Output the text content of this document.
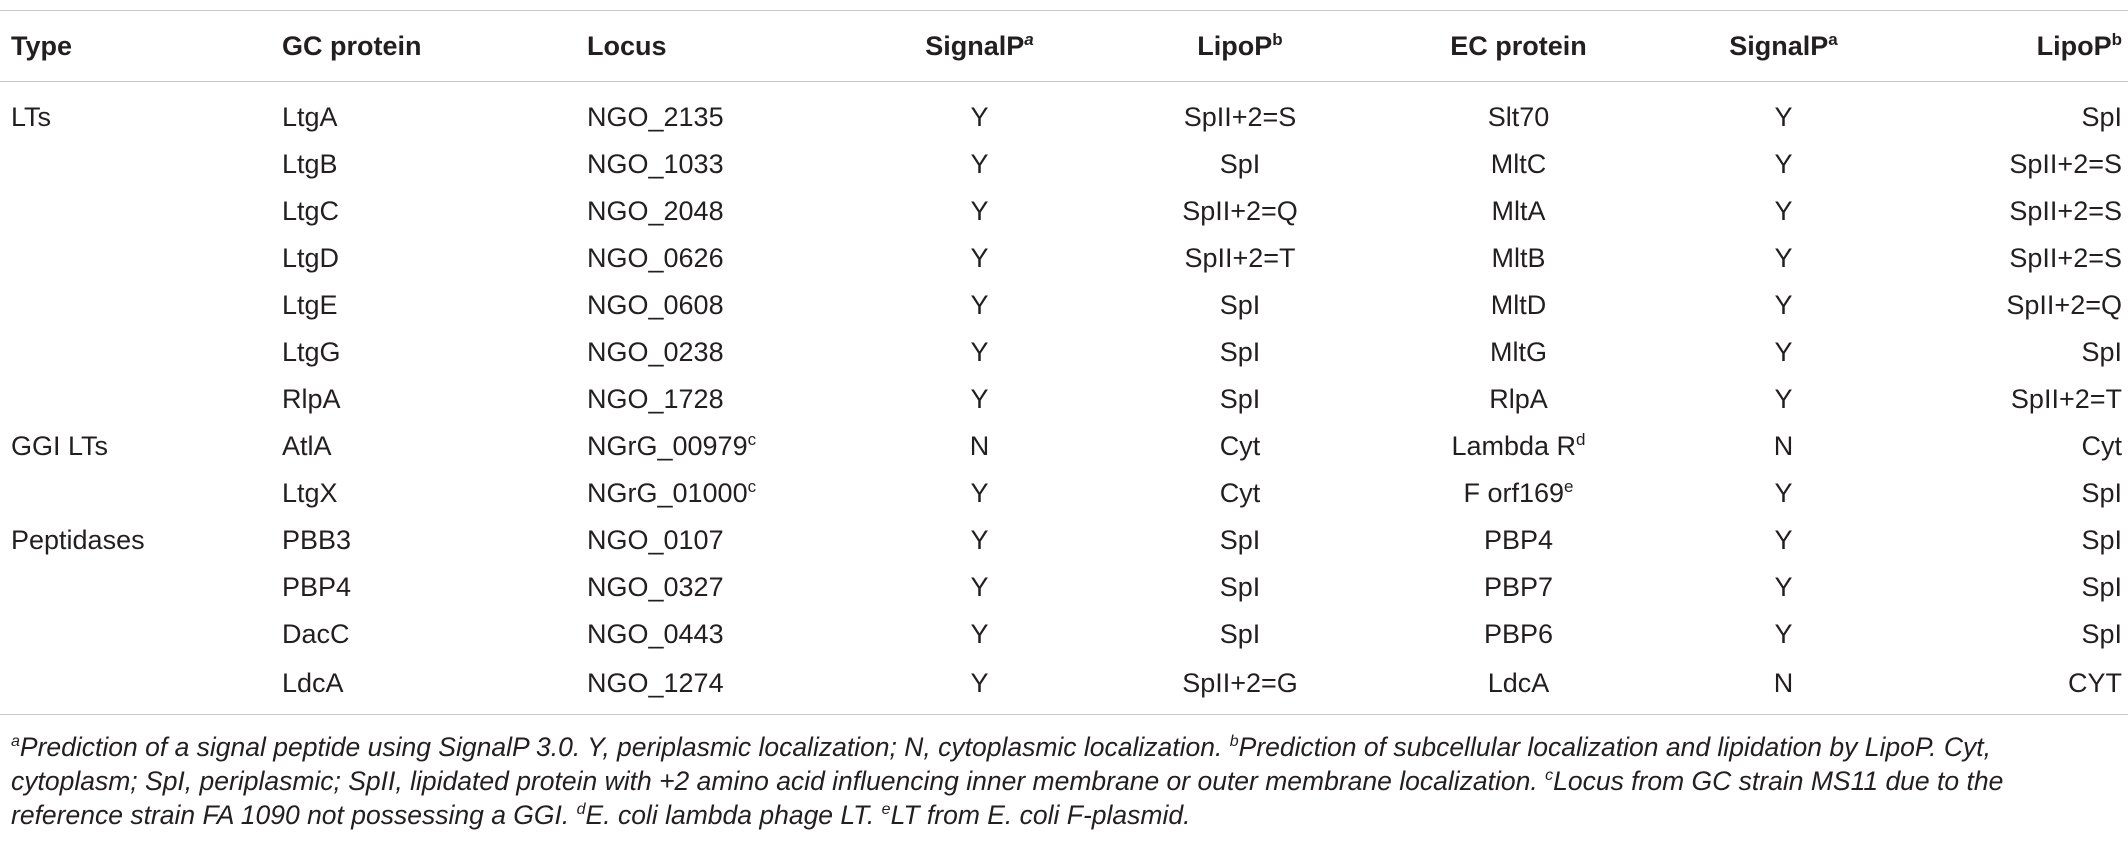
Type	GC protein	Locus	SignalP$^a$	LipoP$^b$	EC protein	SignalP$^a$	LipoP$^b$
LTs	LtgA	NGO_2135	Y	SpII+2=S	Slt70	Y	SpI
	LtgB	NGO_1033	Y	SpI	MltC	Y	SpII+2=S
	LtgC	NGO_2048	Y	SpII+2=Q	MltA	Y	SpII+2=S
	LtgD	NGO_0626	Y	SpII+2=T	MltB	Y	SpII+2=S
	LtgE	NGO_0608	Y	SpI	MltD	Y	SpII+2=Q
	LtgG	NGO_0238	Y	SpI	MltG	Y	SpI
	RlpA	NGO_1728	Y	SpI	RlpA	Y	SpII+2=T
GGI LTs	AtlA	NGrG_00979$^c$	N	Cyt	Lambda $R^d$	N	Cyt
	LtgX	NGrG_01000$^c$	Y	Cyt	F orf169e	Y	SpI
Peptidases	PBB3	NGO_0107	Y	SpI	PBP4	Y	SpI
	PBP4	NGO_0327	Y	SpI	PBP7	Y	SpI
	DacC	NGO_0443	Y	SpI	PBP6	Y	SpI
	LdcA	NGO_1274	Y	SpII+2=G	LdcA	N	CYT
$^a$Prediction of a signal peptide using SignalP 3.0. Y, periplasmic localization; N, cytoplasmic localization. $^b$Prediction of subcellular localization and lipidation by LipoP. Cyt, cytoplasm; SpI, periplasmic; SpII, lipidated protein with +2 amino acid influencing inner membrane or outer membrane localization. $^c$Locus from GC strain MS11 due to the reference strain FA 1090 not possessing a GGI. $^d$E. coli lambda phage LT. $^e$LT from E. coli F-plasmid.
